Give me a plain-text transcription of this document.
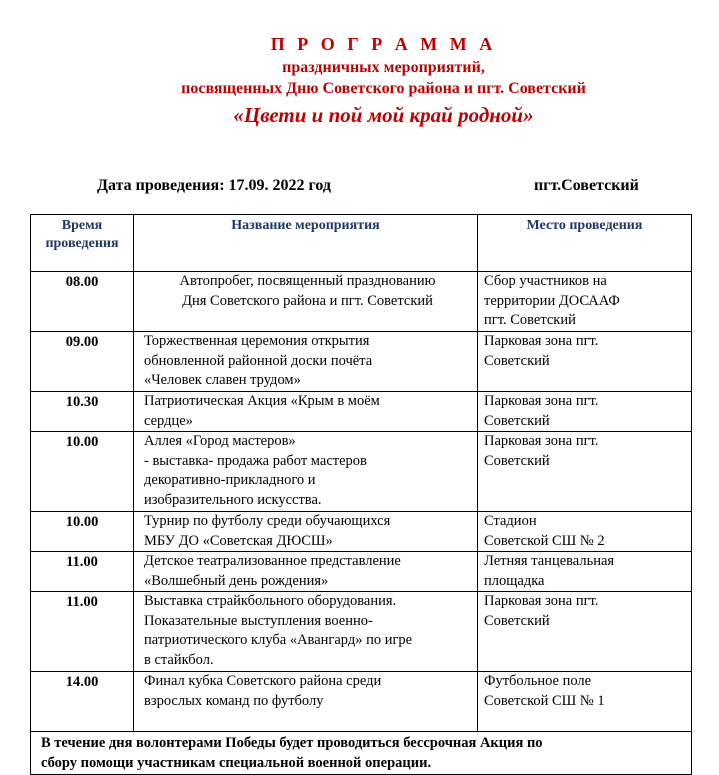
П Р О Г Р А М М А
праздничных мероприятий,
посвященных Дню Советского района и пгт. Советский
«Цвети и пой мой край родной»
Дата проведения: 17.09. 2022 год	пгт.Советский
Время
проведения	Название мероприятия	Место проведения

08.00	Автопробег, посвященный празднованию
Дня Советского района и пгт. Советский	Сбор участников на
территории ДОСААФ
пгт. Советский

09.00	Торжественная церемония открытия
обновленной районной доски почёта
«Человек славен трудом»	Парковая зона пгт.
Советский

10.30	Патриотическая Акция «Крым в моём
сердце»	Парковая зона пгт.
Советский

10.00	Аллея «Город мастеров»
- выставка- продажа работ мастеров
декоративно-прикладного и
изобразительного искусства.	Парковая зона пгт.
Советский

10.00	Турнир по футболу среди обучающихся
МБУ ДО «Советская ДЮСШ»	Стадион
Советской СШ № 2

11.00	Детское театрализованное представление
«Волшебный день рождения»	Летняя танцевальная
площадка

11.00	Выставка страйкбольного оборудования.
Показательные выступления военно-
патриотического клуба «Авангард» по игре
в стайкбол.	Парковая зона пгт.
Советский

14.00	Финал кубка Советского района среди
взрослых команд по футболу	Футбольное поле
Советской СШ № 1

В течение дня волонтерами Победы будет проводиться бессрочная Акция по
сбору помощи участникам специальной военной операции.		
